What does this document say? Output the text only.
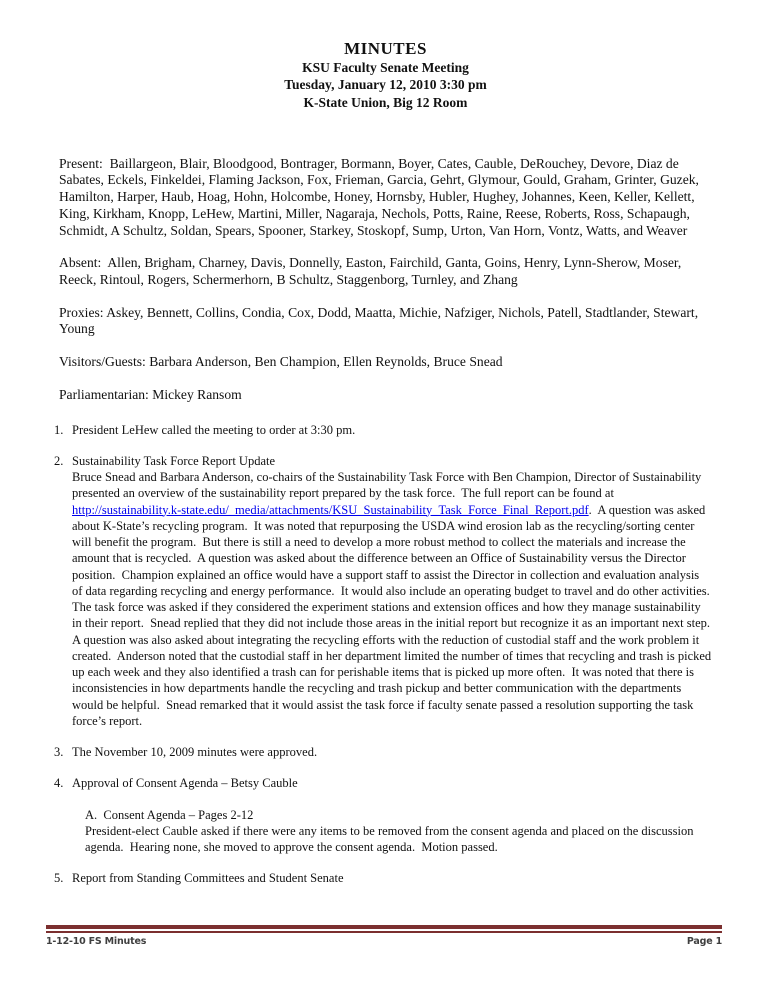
MINUTES
KSU Faculty Senate Meeting
Tuesday, January 12, 2010 3:30 pm
K-State Union, Big 12 Room

Present:  Baillargeon, Blair, Bloodgood, Bontrager, Bormann, Boyer, Cates, Cauble, DeRouchey, Devore, Diaz de Sabates, Eckels, Finkeldei, Flaming Jackson, Fox, Frieman, Garcia, Gehrt, Glymour, Gould, Graham, Grinter, Guzek, Hamilton, Harper, Haub, Hoag, Hohn, Holcombe, Honey, Hornsby, Hubler, Hughey, Johannes, Keen, Keller, Kellett, King, Kirkham, Knopp, LeHew, Martini, Miller, Nagaraja, Nechols, Potts, Raine, Reese, Roberts, Ross, Schapaugh, Schmidt, A Schultz, Soldan, Spears, Spooner, Starkey, Stoskopf, Sump, Urton, Van Horn, Vontz, Watts, and Weaver

Absent:  Allen, Brigham, Charney, Davis, Donnelly, Easton, Fairchild, Ganta, Goins, Henry, Lynn-Sherow, Moser, Reeck, Rintoul, Rogers, Schermerhorn, B Schultz, Staggenborg, Turnley, and Zhang

Proxies: Askey, Bennett, Collins, Condia, Cox, Dodd, Maatta, Michie, Nafziger, Nichols, Patell, Stadtlander, Stewart, Young

Visitors/Guests: Barbara Anderson, Ben Champion, Ellen Reynolds, Bruce Snead

Parliamentarian: Mickey Ransom

1. President LeHew called the meeting to order at 3:30 pm.
2. Sustainability Task Force Report Update

Bruce Snead and Barbara Anderson, co-chairs of the Sustainability Task Force with Ben Champion, Director of Sustainability presented an overview of the sustainability report prepared by the task force.  The full report can be found at http://sustainability.k-state.edu/_media/attachments/KSU_Sustainability_Task_Force_Final_Report.pdf.  A question was asked about K-State’s recycling program.  It was noted that repurposing the USDA wind erosion lab as the recycling/sorting center will benefit the program.  But there is still a need to develop a more robust method to collect the materials and increase the amount that is recycled.  A question was asked about the difference between an Office of Sustainability versus the Director position.  Champion explained an office would have a support staff to assist the Director in collection and evaluation analysis of data regarding recycling and energy performance.  It would also include an operating budget to travel and do other activities.  The task force was asked if they considered the experiment stations and extension offices and how they manage sustainability in their report.  Snead replied that they did not include those areas in the initial report but recognize it as an important next step.  A question was also asked about integrating the recycling efforts with the reduction of custodial staff and the work problem it created.  Anderson noted that the custodial staff in her department limited the number of times that recycling and trash is picked up each week and they also identified a trash can for perishable items that is picked up more often.  It was noted that there is inconsistencies in how departments handle the recycling and trash pickup and better communication with the departments would be helpful.  Snead remarked that it would assist the task force if faculty senate passed a resolution supporting the task force’s report.

3. The November 10, 2009 minutes were approved.
4. Approval of Consent Agenda – Betsy Cauble
A.  Consent Agenda – Pages 2-12

President-elect Cauble asked if there were any items to be removed from the consent agenda and placed on the discussion agenda.  Hearing none, she moved to approve the consent agenda.  Motion passed.

5. Report from Standing Committees and Student Senate
1-12-10 FS Minutes	Page 1
